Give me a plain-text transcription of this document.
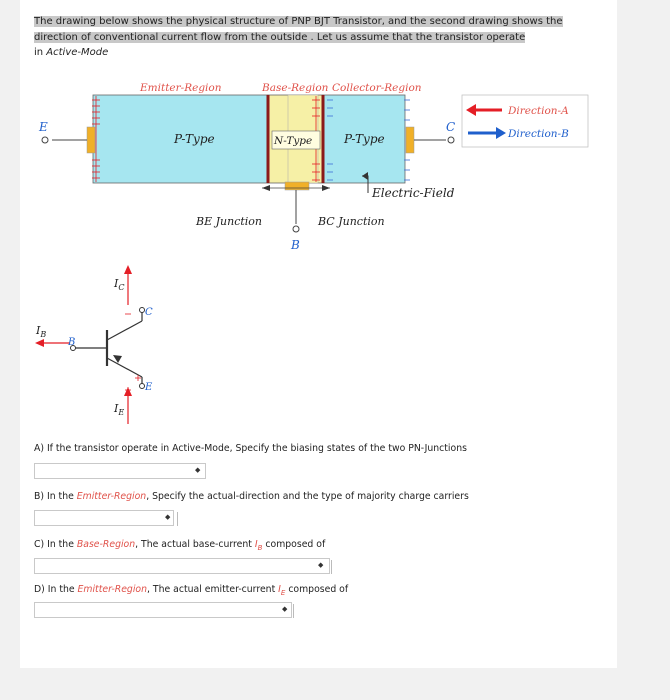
The drawing below shows the physical structure of PNP BJT Transistor, and the second drawing shows the
direction of conventional current flow from the outside . Let us assume that the transistor operate
in Active-Mode
Emitter-Region	Base-Region Collector-Region
E
B
C
P-Type	N-Type	P-Type
Electric-Field
BE Junction	BC Junction
Direction-A
Direction-B
$I_C$
$I_B$
$I_E$
C
B
E
A) If the transistor operate in Active-Mode, Specify the biasing states of the two PN-Junctions
◆
B) In the Emitter-Region, Specify the actual-direction and the type of majority charge carriers
◆
C) In the Base-Region, The actual base-current $I_B$ composed of
◆
D) In the Emitter-Region, The actual emitter-current $I_E$ composed of
◆
